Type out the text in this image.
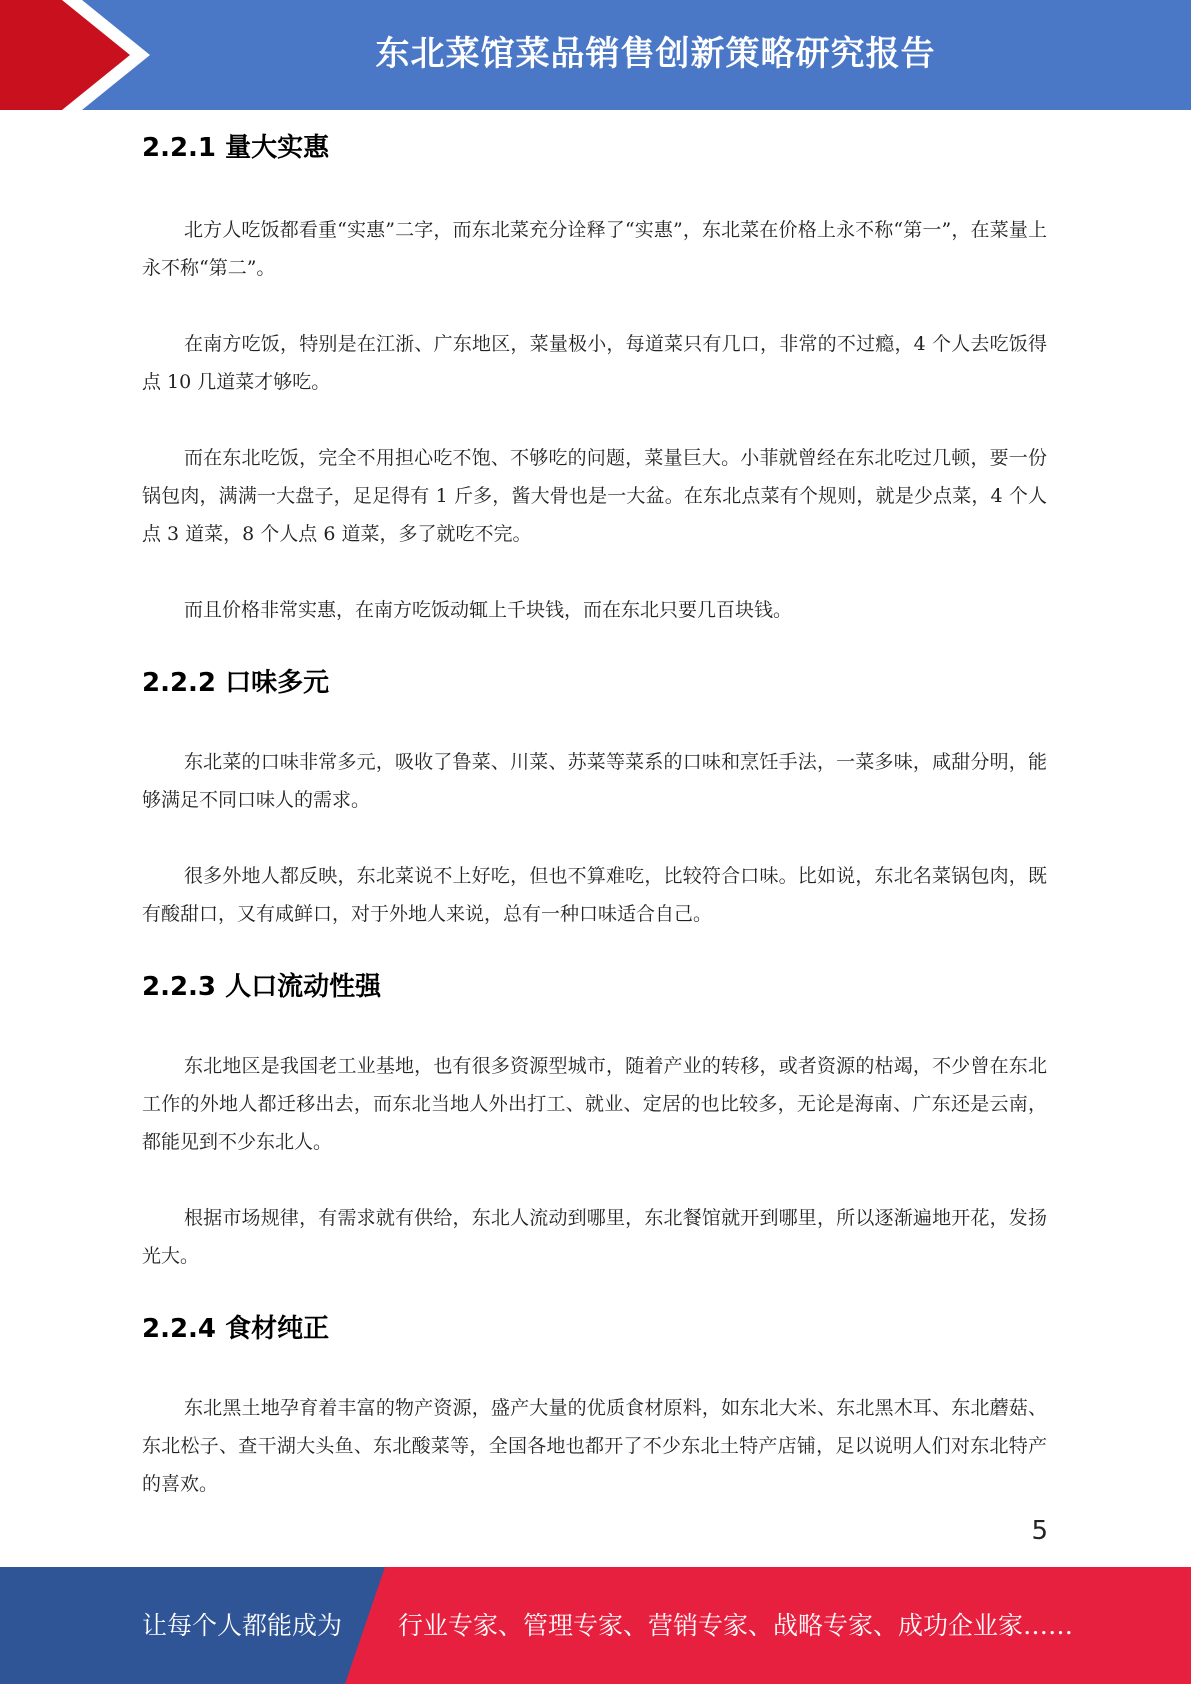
东北菜馆菜品销售创新策略研究报告
2.2.1 量大实惠

北方人吃饭都看重“实惠”二字，而东北菜充分诠释了“实惠”，东北菜在价格上永不称“第一”，在菜量上永不称“第二”。

在南方吃饭，特别是在江浙、广东地区，菜量极小，每道菜只有几口，非常的不过瘾，4 个人去吃饭得点 10 几道菜才够吃。

而在东北吃饭，完全不用担心吃不饱、不够吃的问题，菜量巨大。小菲就曾经在东北吃过几顿，要一份锅包肉，满满一大盘子，足足得有 1 斤多，酱大骨也是一大盆。在东北点菜有个规则，就是少点菜，4 个人点 3 道菜，8 个人点 6 道菜，多了就吃不完。

而且价格非常实惠，在南方吃饭动辄上千块钱，而在东北只要几百块钱。

2.2.2 口味多元

东北菜的口味非常多元，吸收了鲁菜、川菜、苏菜等菜系的口味和烹饪手法，一菜多味，咸甜分明，能够满足不同口味人的需求。

很多外地人都反映，东北菜说不上好吃，但也不算难吃，比较符合口味。比如说，东北名菜锅包肉，既有酸甜口，又有咸鲜口，对于外地人来说，总有一种口味适合自己。

2.2.3 人口流动性强

东北地区是我国老工业基地，也有很多资源型城市，随着产业的转移，或者资源的枯竭，不少曾在东北工作的外地人都迁移出去，而东北当地人外出打工、就业、定居的也比较多，无论是海南、广东还是云南，都能见到不少东北人。

根据市场规律，有需求就有供给，东北人流动到哪里，东北餐馆就开到哪里，所以逐渐遍地开花，发扬光大。

2.2.4 食材纯正

东北黑土地孕育着丰富的物产资源，盛产大量的优质食材原料，如东北大米、东北黑木耳、东北蘑菇、东北松子、查干湖大头鱼、东北酸菜等，全国各地也都开了不少东北土特产店铺，足以说明人们对东北特产的喜欢。

5
让每个人都能成为 行业专家、管理专家、营销专家、战略专家、成功企业家……
